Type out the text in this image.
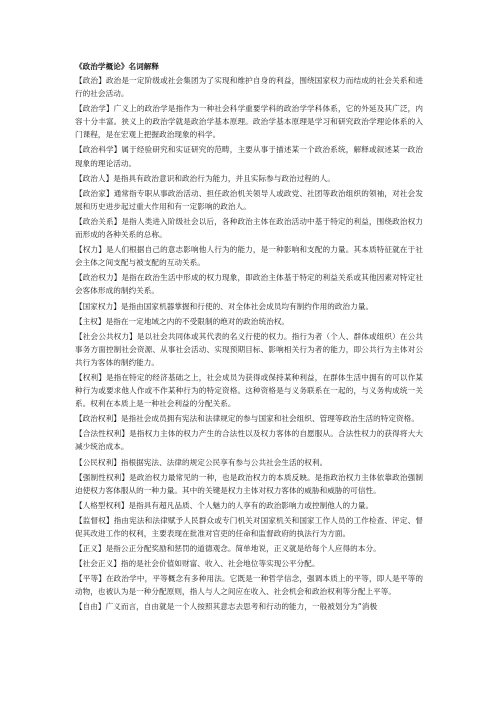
《政治学概论》名词解释
【政治】政治是一定阶级或社会集团为了实现和维护自身的利益，围绕国家权力而结成的社会关系和进行的社会活动。
【政治学】广义上的政治学是指作为一种社会科学重要学科的政治学学科体系，它的外延及其广泛，内容十分丰富。狭义上的政治学就是政治学基本原理。政治学基本原理是学习和研究政治学理论体系的入门课程，是在宏观上把握政治现象的科学。
【政治科学】属于经验研究和实证研究的范畴，主要从事于描述某一个政治系统，解释或叙述某一政治现象的理论活动。
【政治人】是指具有政治意识和政治行为能力，并且实际参与政治过程的人。
【政治家】通常指专职从事政治活动、担任政治机关领导人或政党、社团等政治组织的领袖，对社会发展和历史进步起过重大作用和有一定影响的政治人。
【政治关系】是指人类进入阶级社会以后，各种政治主体在政治活动中基于特定的利益，围绕政治权力而形成的各种关系的总称。
【权力】是人们根据自己的意志影响他人行为的能力，是一种影响和支配的力量。其本质特征就在于社会主体之间支配与被支配的互动关系。
【政治权力】是指在政治生活中形成的权力现象，即政治主体基于特定的利益关系或其他因素对特定社会客体形成的制约关系。
【国家权力】是指由国家机器掌握和行使的、对全体社会成员均有制约作用的政治力量。
【主权】是指在一定地域之内的不受限制的绝对的政治统治权。
【社会公共权力】是以社会共同体或其代表的名义行使的权力。指行为者（个人、群体或组织）在公共事务方面控制社会资源、从事社会活动、实现预期目标、影响相关行为者的能力，即公共行为主体对公共行为客体的制约能力。
【权利】是指在特定的经济基础之上，社会成员为获得或保持某种利益，在群体生活中拥有的可以作某种行为或要求他人作或不作某种行为的特定资格。这种资格是与义务联系在一起的，与义务构成统一关系。权利在本质上是一种社会利益的分配关系。
【政治权利】是指社会成员拥有宪法和法律规定的参与国家和社会组织、管理等政治生活的特定资格。
【合法性权利】是指权力主体的权力产生的合法性以及权力客体的自愿服从。合法性权力的获得将大大减少统治成本。
【公民权利】指根据宪法、法律的规定公民享有参与公共社会生活的权利。
【强制性权利】是政治权力最常见的一种，也是政治权力的本质反映。是指政治权力主体依靠政治强制迫使权力客体服从的一种力量。其中的关键是权力主体对权力客体的威胁和威胁的可信性。
【人格型权利】是指具有超凡品质、个人魅力的人享有的政治影响力或控制他人的力量。
【监督权】指由宪法和法律赋予人民群众或专门机关对国家机关和国家工作人员的工作检查、评定、督促其改进工作的权利，主要表现在批准对官吏的任命和监督政府的执法行为方面。
【正义】是指公正分配奖励和惩罚的道德观念。简单地说，正义就是给每个人应得的本分。
【社会正义】指的是社会价值如财富、收入、社会地位等实现公平分配。
【平等】在政治学中，平等概念有多种用法。它既是一种哲学信念，强调本质上的平等，即人是平等的动物，也被认为是一种分配原则，指人与人之间应在收入、社会机会和政治权利等分配上平等。
【自由】广义而言，自由就是一个人按照其意志去思考和行动的能力，一般被划分为“消极
